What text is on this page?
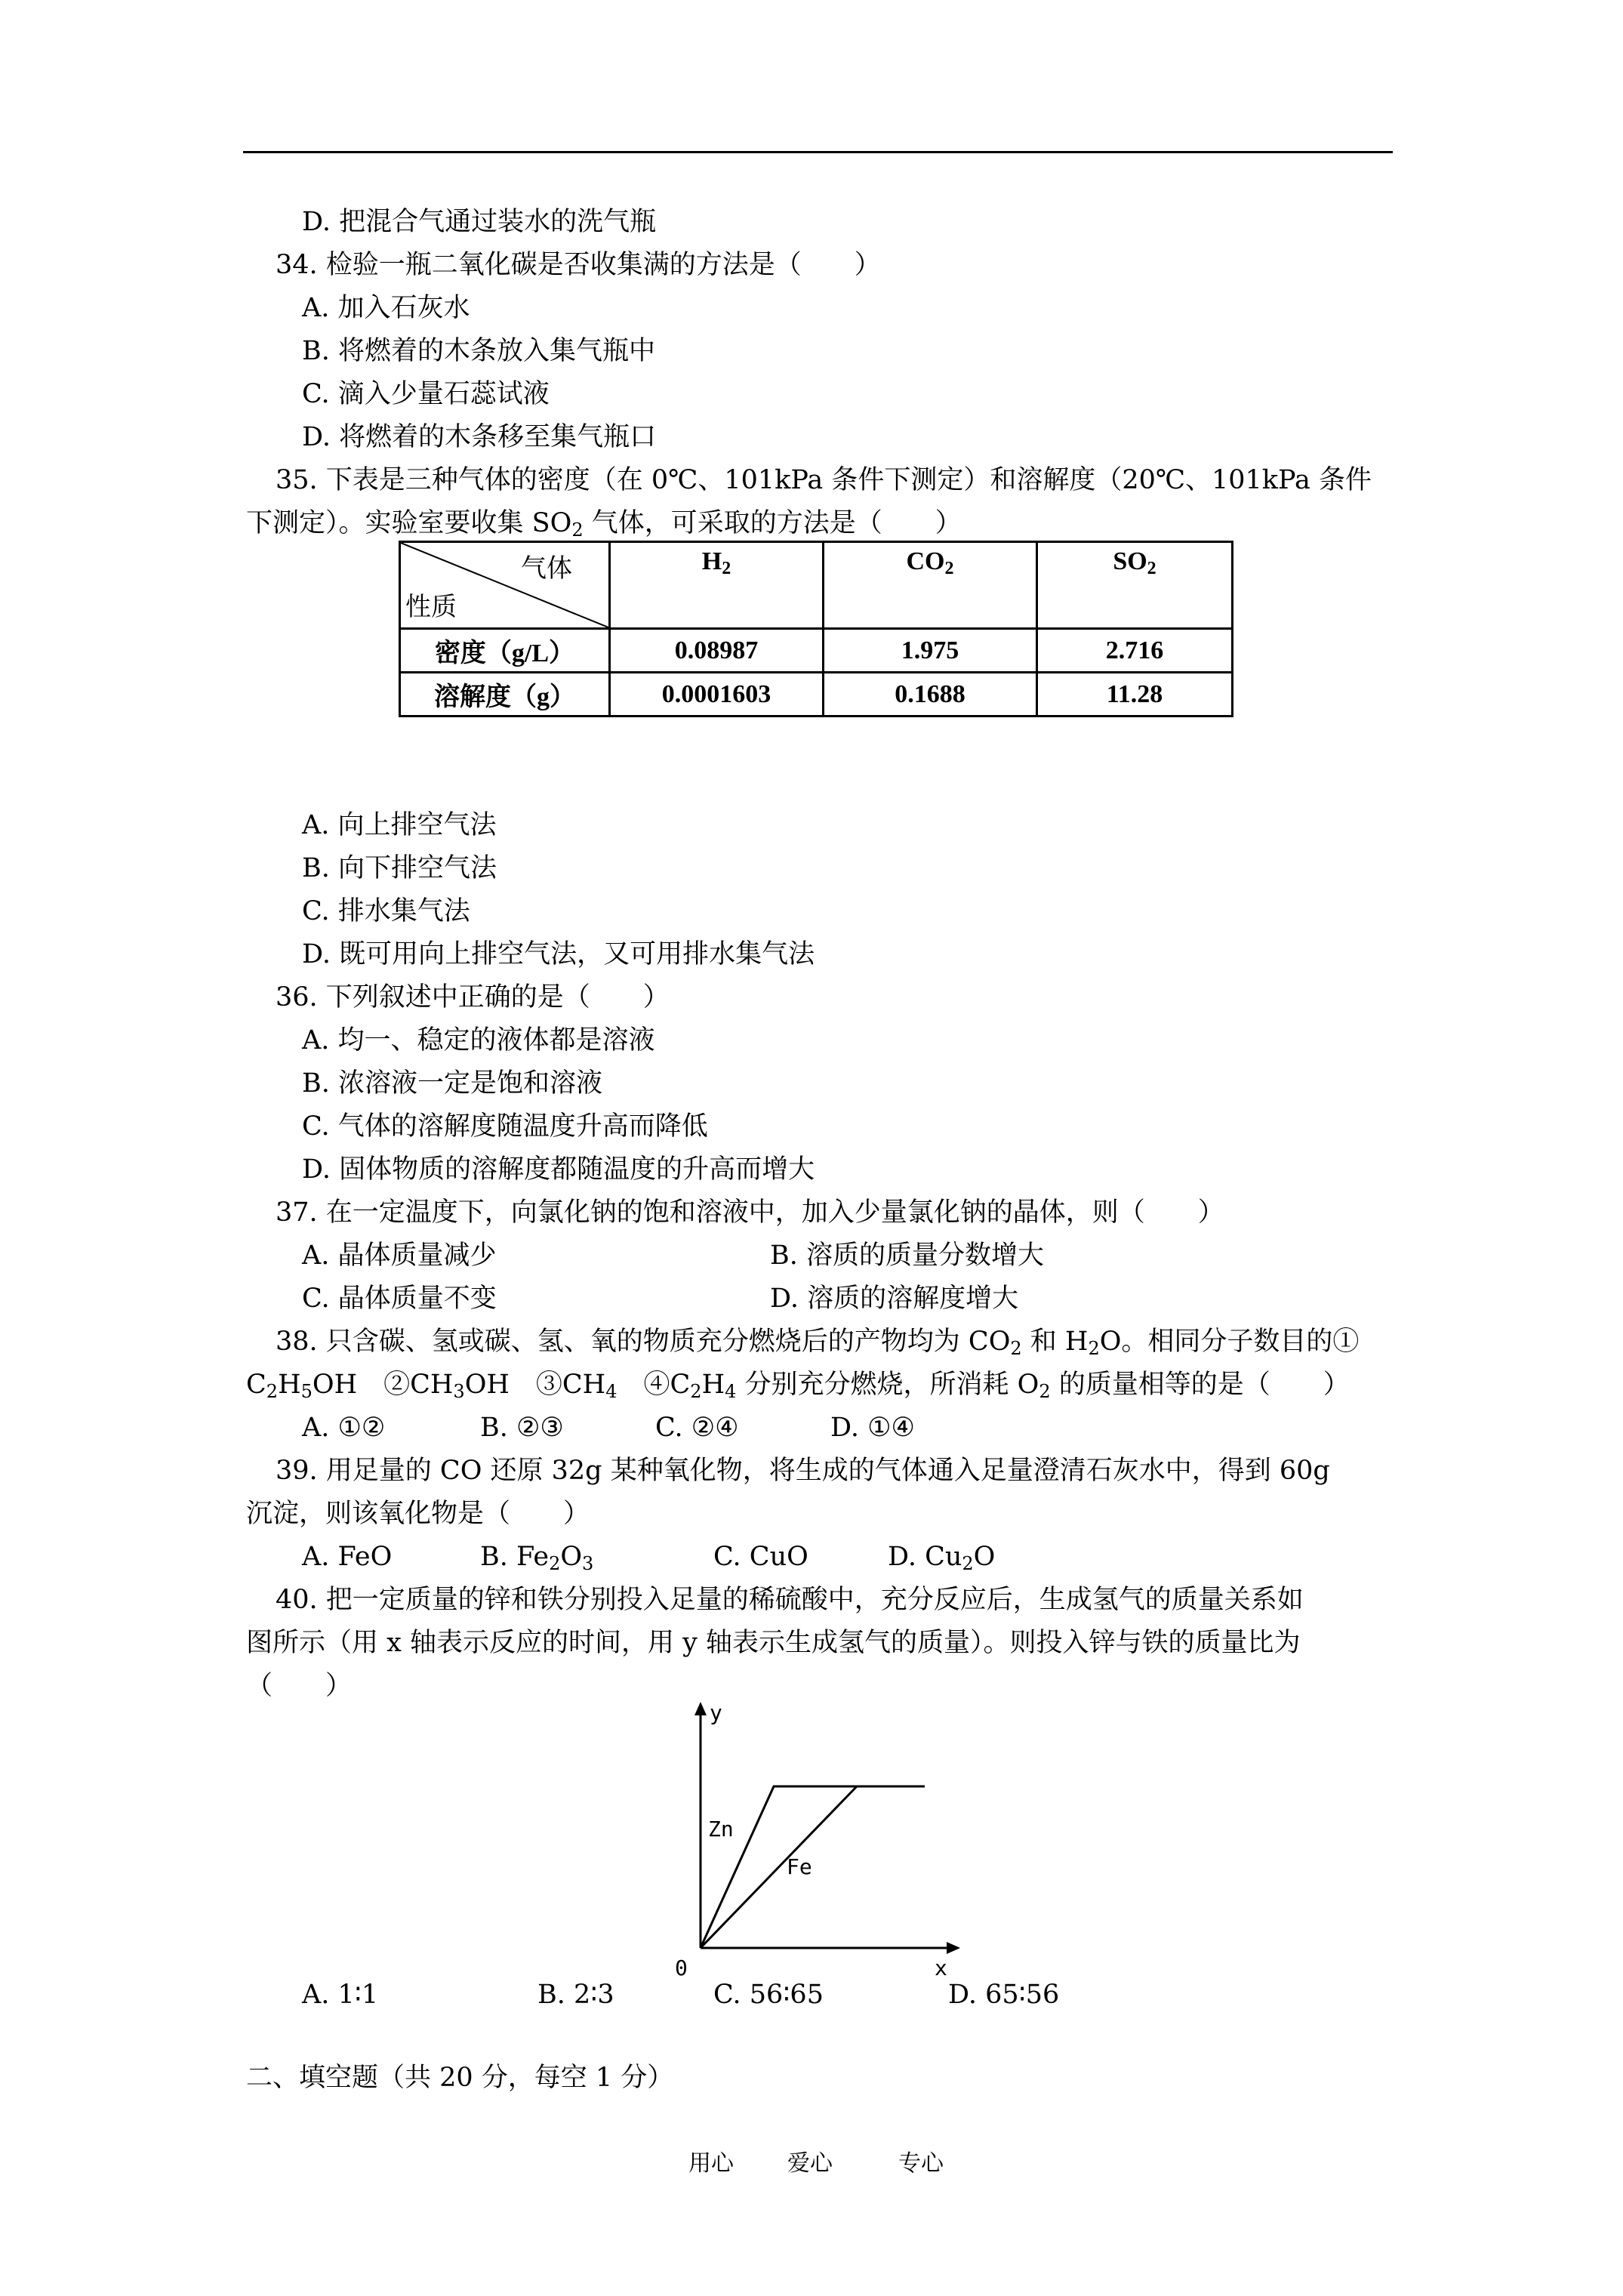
D. 把混合气通过装水的洗气瓶
34. 检验一瓶二氧化碳是否收集满的方法是（　　）
A. 加入石灰水
B. 将燃着的木条放入集气瓶中
C. 滴入少量石蕊试液
D. 将燃着的木条移至集气瓶口
35. 下表是三种气体的密度（在 0℃、101kPa 条件下测定）和溶解度（20℃、101kPa 条件
下测定）。实验室要收集 $SO_2$ 气体，可采取的方法是（　　）
气体
性质	$H_2$	$CO_2$	$SO_2$
密度（g/L）	0.08987	1.975	2.716
溶解度（g）	0.0001603	0.1688	11.28
A. 向上排空气法
B. 向下排空气法
C. 排水集气法
D. 既可用向上排空气法，又可用排水集气法
36. 下列叙述中正确的是（　　）
A. 均一、稳定的液体都是溶液
B. 浓溶液一定是饱和溶液
C. 气体的溶解度随温度升高而降低
D. 固体物质的溶解度都随温度的升高而增大
37. 在一定温度下，向氯化钠的饱和溶液中，加入少量氯化钠的晶体，则（　　）
A. 晶体质量减少	B. 溶质的质量分数增大
C. 晶体质量不变	D. 溶质的溶解度增大
38. 只含碳、氢或碳、氢、氧的物质充分燃烧后的产物均为 $CO_2$ 和 $H_2O$。相同分子数目的①
$C_2H_5OH$　$②CH_3OH$　$③CH_4$　$④C_2H_4$ 分别充分燃烧，所消耗 $O_2$ 的质量相等的是（　　）
A. ①②	B. ②③	C. ②④	D. ①④
39. 用足量的 CO 还原 32g 某种氧化物，将生成的气体通入足量澄清石灰水中，得到 60g
沉淀，则该氧化物是（　　）
A. FeO	B. $Fe_2O_3$	C. CuO	D. $Cu_2O$
40. 把一定质量的锌和铁分别投入足量的稀硫酸中，充分反应后，生成氢气的质量关系如
图所示（用 x 轴表示反应的时间，用 y 轴表示生成氢气的质量）。则投入锌与铁的质量比为
（　　）
y
x
0
Zn
Fe
A. 1∶1	B. 2∶3	C. 56∶65	D. 65∶56
二、填空题（共 20 分，每空 1 分）
用心 爱心	专心
